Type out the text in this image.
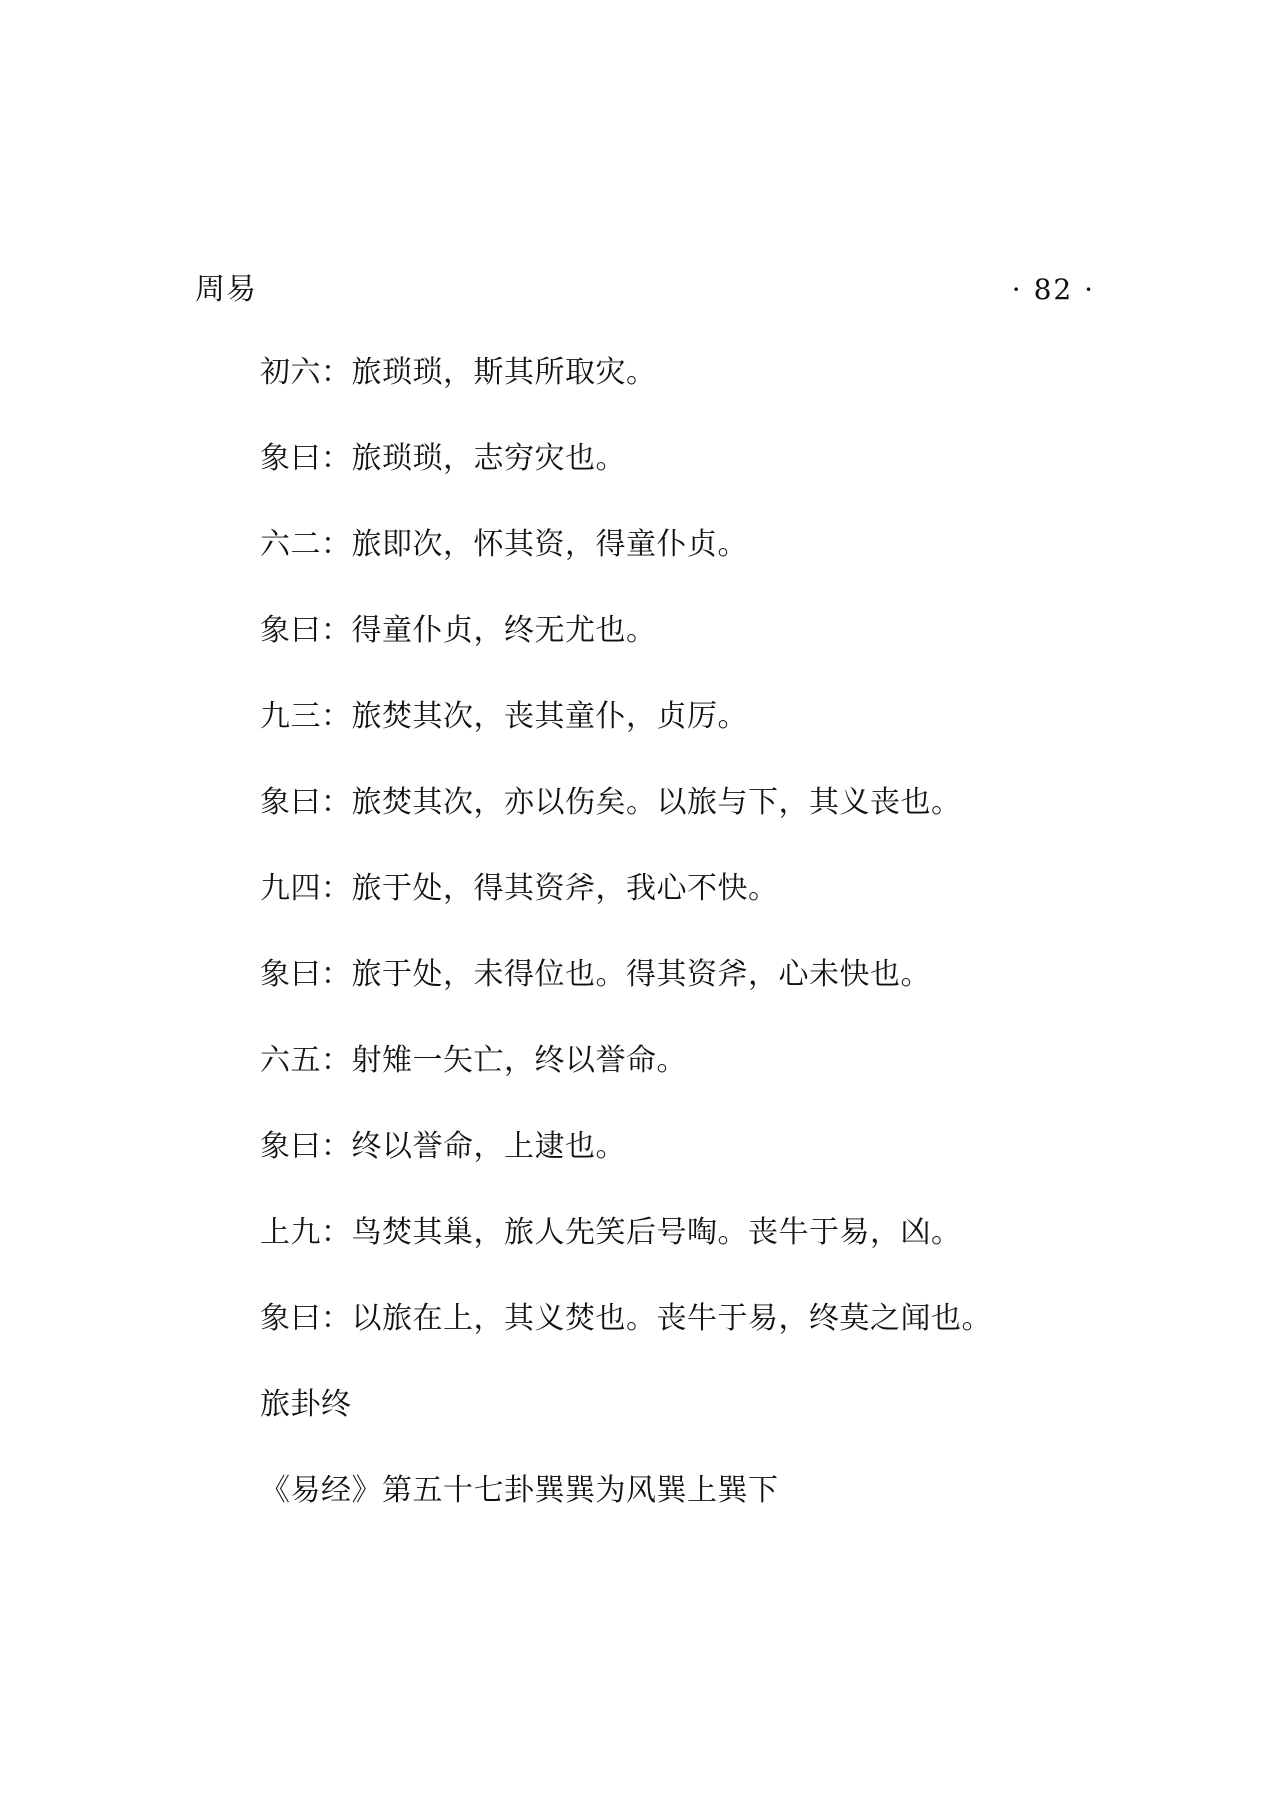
周易	· 82 ·
初六：旅琐琐，斯其所取灾。
象曰：旅琐琐，志穷灾也。
六二：旅即次，怀其资，得童仆贞。
象曰：得童仆贞，终无尤也。
九三：旅焚其次，丧其童仆，贞厉。
象曰：旅焚其次，亦以伤矣。以旅与下，其义丧也。
九四：旅于处，得其资斧，我心不快。
象曰：旅于处，未得位也。得其资斧，心未快也。
六五：射雉一矢亡，终以誉命。
象曰：终以誉命，上逮也。
上九：鸟焚其巢，旅人先笑后号啕。丧牛于易，凶。
象曰：以旅在上，其义焚也。丧牛于易，终莫之闻也。
旅卦终
《易经》第五十七卦巽巽为风巽上巽下
